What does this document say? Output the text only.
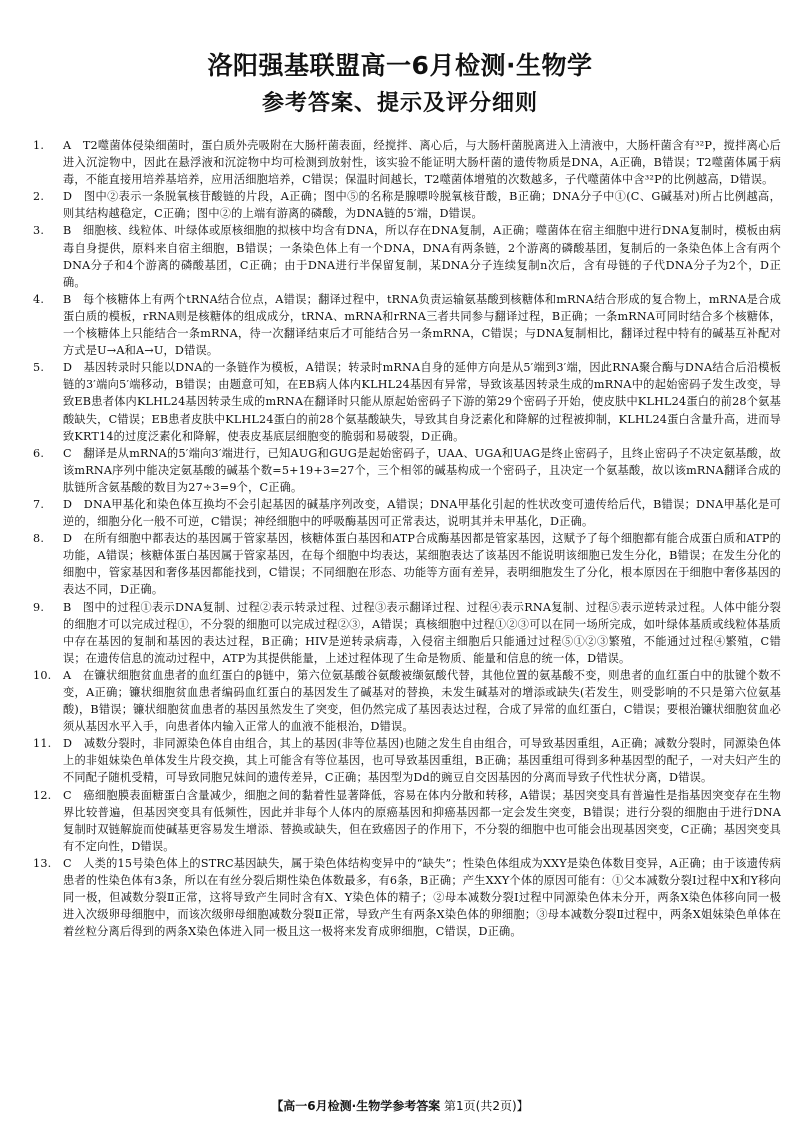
洛阳强基联盟高一6月检测·生物学
参考答案、提示及评分细则
1.	A　T2噬菌体侵染细菌时，蛋白质外壳吸附在大肠杆菌表面，经搅拌、离心后，与大肠杆菌脱离进入上清液中，大肠杆菌含有³²P，搅拌离心后进入沉淀物中，因此在悬浮液和沉淀物中均可检测到放射性，该实验不能证明大肠杆菌的遗传物质是DNA，A正确，B错误；T2噬菌体属于病毒，不能直接用培养基培养，应用活细胞培养，C错误；保温时间越长，T2噬菌体增殖的次数越多，子代噬菌体中含³²P的比例越高，D错误。
2.	D　图中②表示一条脱氧核苷酸链的片段，A正确；图中⑤的名称是腺嘌呤脱氧核苷酸，B正确；DNA分子中①(C、G碱基对)所占比例越高，则其结构越稳定，C正确；图中②的上端有游离的磷酸，为DNA链的5′端，D错误。
3.	B　细胞核、线粒体、叶绿体或原核细胞的拟核中均含有DNA，所以存在DNA复制，A正确；噬菌体在宿主细胞中进行DNA复制时，模板由病毒自身提供，原料来自宿主细胞，B错误；一条染色体上有一个DNA，DNA有两条链，2个游离的磷酸基团，复制后的一条染色体上含有两个DNA分子和4个游离的磷酸基团，C正确；由于DNA进行半保留复制，某DNA分子连续复制n次后，含有母链的子代DNA分子为2个，D正确。
4.	B　每个核糖体上有两个tRNA结合位点，A错误；翻译过程中，tRNA负责运输氨基酸到核糖体和mRNA结合形成的复合物上，mRNA是合成蛋白质的模板，rRNA则是核糖体的组成成分，tRNA、mRNA和rRNA三者共同参与翻译过程，B正确；一条mRNA可同时结合多个核糖体，一个核糖体上只能结合一条mRNA，待一次翻译结束后才可能结合另一条mRNA，C错误；与DNA复制相比，翻译过程中特有的碱基互补配对方式是U→A和A→U，D错误。
5.	D　基因转录时只能以DNA的一条链作为模板，A错误；转录时mRNA自身的延伸方向是从5′端到3′端，因此RNA聚合酶与DNA结合后沿模板链的3′端向5′端移动，B错误；由题意可知，在EB病人体内KLHL24基因有异常，导致该基因转录生成的mRNA中的起始密码子发生改变，导致EB患者体内KLHL24基因转录生成的mRNA在翻译时只能从原起始密码子下游的第29个密码子开始，使皮肤中KLHL24蛋白的前28个氨基酸缺失，C错误；EB患者皮肤中KLHL24蛋白的前28个氨基酸缺失，导致其自身泛素化和降解的过程被抑制，KLHL24蛋白含量升高，进而导致KRT14的过度泛素化和降解，使表皮基底层细胞变的脆弱和易破裂，D正确。
6.	C　翻译是从mRNA的5′端向3′端进行，已知AUG和GUG是起始密码子，UAA、UGA和UAG是终止密码子，且终止密码子不决定氨基酸，故该mRNA序列中能决定氨基酸的碱基个数=5+19+3=27个，三个相邻的碱基构成一个密码子，且决定一个氨基酸，故以该mRNA翻译合成的肽链所含氨基酸的数目为27÷3=9个，C正确。
7.	D　DNA甲基化和染色体互换均不会引起基因的碱基序列改变，A错误；DNA甲基化引起的性状改变可遗传给后代，B错误；DNA甲基化是可逆的，细胞分化一般不可逆，C错误；神经细胞中的呼吸酶基因可正常表达，说明其并未甲基化，D正确。
8.	D　在所有细胞中都表达的基因属于管家基因，核糖体蛋白基因和ATP合成酶基因都是管家基因，这赋予了每个细胞都有能合成蛋白质和ATP的功能，A错误；核糖体蛋白基因属于管家基因，在每个细胞中均表达，某细胞表达了该基因不能说明该细胞已发生分化，B错误；在发生分化的细胞中，管家基因和奢侈基因都能找到，C错误；不同细胞在形态、功能等方面有差异，表明细胞发生了分化，根本原因在于细胞中奢侈基因的表达不同，D正确。
9.	B　图中的过程①表示DNA复制、过程②表示转录过程、过程③表示翻译过程、过程④表示RNA复制、过程⑤表示逆转录过程。人体中能分裂的细胞才可以完成过程①，不分裂的细胞可以完成过程②③，A错误；真核细胞中过程①②③可以在同一场所完成，如叶绿体基质或线粒体基质中存在基因的复制和基因的表达过程，B正确；HIV是逆转录病毒，入侵宿主细胞后只能通过过程⑤①②③繁殖，不能通过过程④繁殖，C错误；在遗传信息的流动过程中，ATP为其提供能量，上述过程体现了生命是物质、能量和信息的统一体，D错误。
10.	A　在镰状细胞贫血患者的血红蛋白的β链中，第六位氨基酸谷氨酸被缬氨酸代替，其他位置的氨基酸不变，则患者的血红蛋白中的肽键个数不变，A正确；镰状细胞贫血患者编码血红蛋白的基因发生了碱基对的替换，未发生碱基对的增添或缺失(若发生，则受影响的不只是第六位氨基酸)，B错误；镰状细胞贫血患者的基因虽然发生了突变，但仍然完成了基因表达过程，合成了异常的血红蛋白，C错误；要根治镰状细胞贫血必须从基因水平入手，向患者体内输入正常人的血液不能根治，D错误。
11.	D　减数分裂时，非同源染色体自由组合，其上的基因(非等位基因)也随之发生自由组合，可导致基因重组，A正确；减数分裂时，同源染色体上的非姐妹染色单体发生片段交换，其上可能含有等位基因，也可导致基因重组，B正确；基因重组可得到多种基因型的配子，一对夫妇产生的不同配子随机受精，可导致同胞兄妹间的遗传差异，C正确；基因型为Dd的豌豆自交因基因的分离而导致子代性状分离，D错误。
12.	C　癌细胞膜表面糖蛋白含量减少，细胞之间的黏着性显著降低，容易在体内分散和转移，A错误；基因突变具有普遍性是指基因突变存在生物界比较普遍，但基因突变具有低频性，因此并非每个人体内的原癌基因和抑癌基因都一定会发生突变，B错误；进行分裂的细胞由于进行DNA复制时双链解旋而使碱基更容易发生增添、替换或缺失，但在致癌因子的作用下，不分裂的细胞中也可能会出现基因突变，C正确；基因突变具有不定向性，D错误。
13.	C　人类的15号染色体上的STRC基因缺失，属于染色体结构变异中的“缺失”；性染色体组成为XXY是染色体数目变异，A正确；由于该遗传病患者的性染色体有3条，所以在有丝分裂后期性染色体数最多，有6条，B正确；产生XXY个体的原因可能有：①父本减数分裂Ⅰ过程中X和Y移向同一极，但减数分裂Ⅱ正常，这将导致产生同时含有X、Y染色体的精子；②母本减数分裂Ⅰ过程中同源染色体未分开，两条X染色体移向同一极进入次级卵母细胞中，而该次级卵母细胞减数分裂Ⅱ正常，导致产生有两条X染色体的卵细胞；③母本减数分裂Ⅱ过程中，两条X姐妹染色单体在着丝粒分离后得到的两条X染色体进入同一极且这一极将来发育成卵细胞，C错误，D正确。
【高一6月检测·生物学参考答案 第1页(共2页)】
